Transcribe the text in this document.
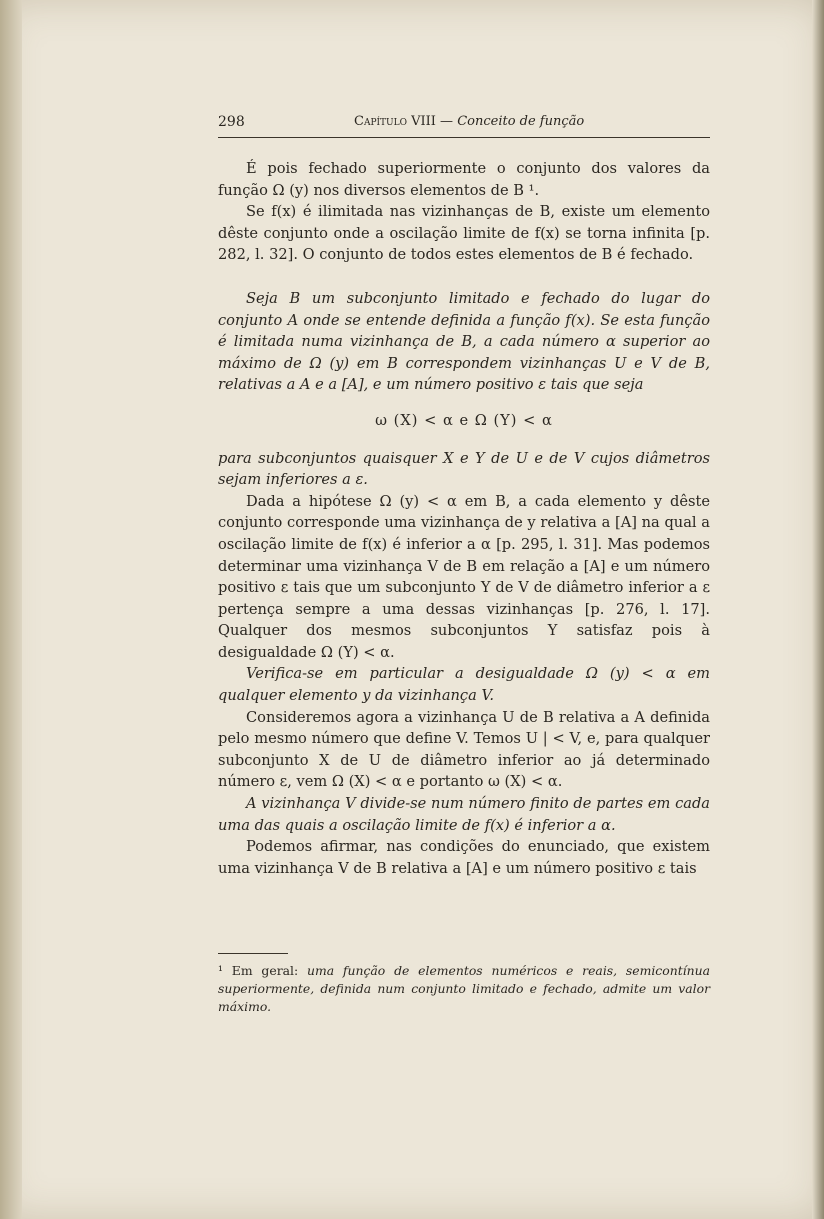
298	Capítulo VIII — Conceito de função

É pois fechado superiormente o conjunto dos valores da função Ω (y) nos diversos elementos de B ¹.

Se f(x) é ilimitada nas vizinhanças de B, existe um elemento dêste conjunto onde a oscilação limite de f(x) se torna infinita [p. 282, l. 32]. O conjunto de todos estes elementos de B é fechado.

Seja B um subconjunto limitado e fechado do lugar do conjunto A onde se entende definida a função f(x). Se esta função é limitada numa vizinhança de B, a cada número α superior ao máximo de Ω (y) em B correspondem vizinhanças U e V de B, relativas a A e a [A], e um número positivo ε tais que seja

ω (X) < α e Ω (Y) < α

para subconjuntos quaisquer X e Y de U e de V cujos diâmetros sejam inferiores a ε.

Dada a hipótese Ω (y) < α em B, a cada elemento y dêste conjunto corresponde uma vizinhança de y relativa a [A] na qual a oscilação limite de f(x) é inferior a α [p. 295, l. 31]. Mas podemos determinar uma vizinhança V de B em relação a [A] e um número positivo ε tais que um subconjunto Y de V de diâmetro inferior a ε pertença sempre a uma dessas vizinhanças [p. 276, l. 17]. Qualquer dos mesmos subconjuntos Y satisfaz pois à desigualdade Ω (Y) < α.

Verifica-se em particular a desigualdade Ω (y) < α em qualquer elemento y da vizinhança V.

Consideremos agora a vizinhança U de B relativa a A definida pelo mesmo número que define V. Temos U | < V, e, para qualquer subconjunto X de U de diâmetro inferior ao já determinado número ε, vem Ω (X) < α e portanto ω (X) < α.

A vizinhança V divide-se num número finito de partes em cada uma das quais a oscilação limite de f(x) é inferior a α.

Podemos afirmar, nas condições do enunciado, que existem uma vizinhança V de B relativa a [A] e um número positivo ε tais

¹ Em geral: uma função de elementos numéricos e reais, semicontínua superiormente, definida num conjunto limitado e fechado, admite um valor máximo.
